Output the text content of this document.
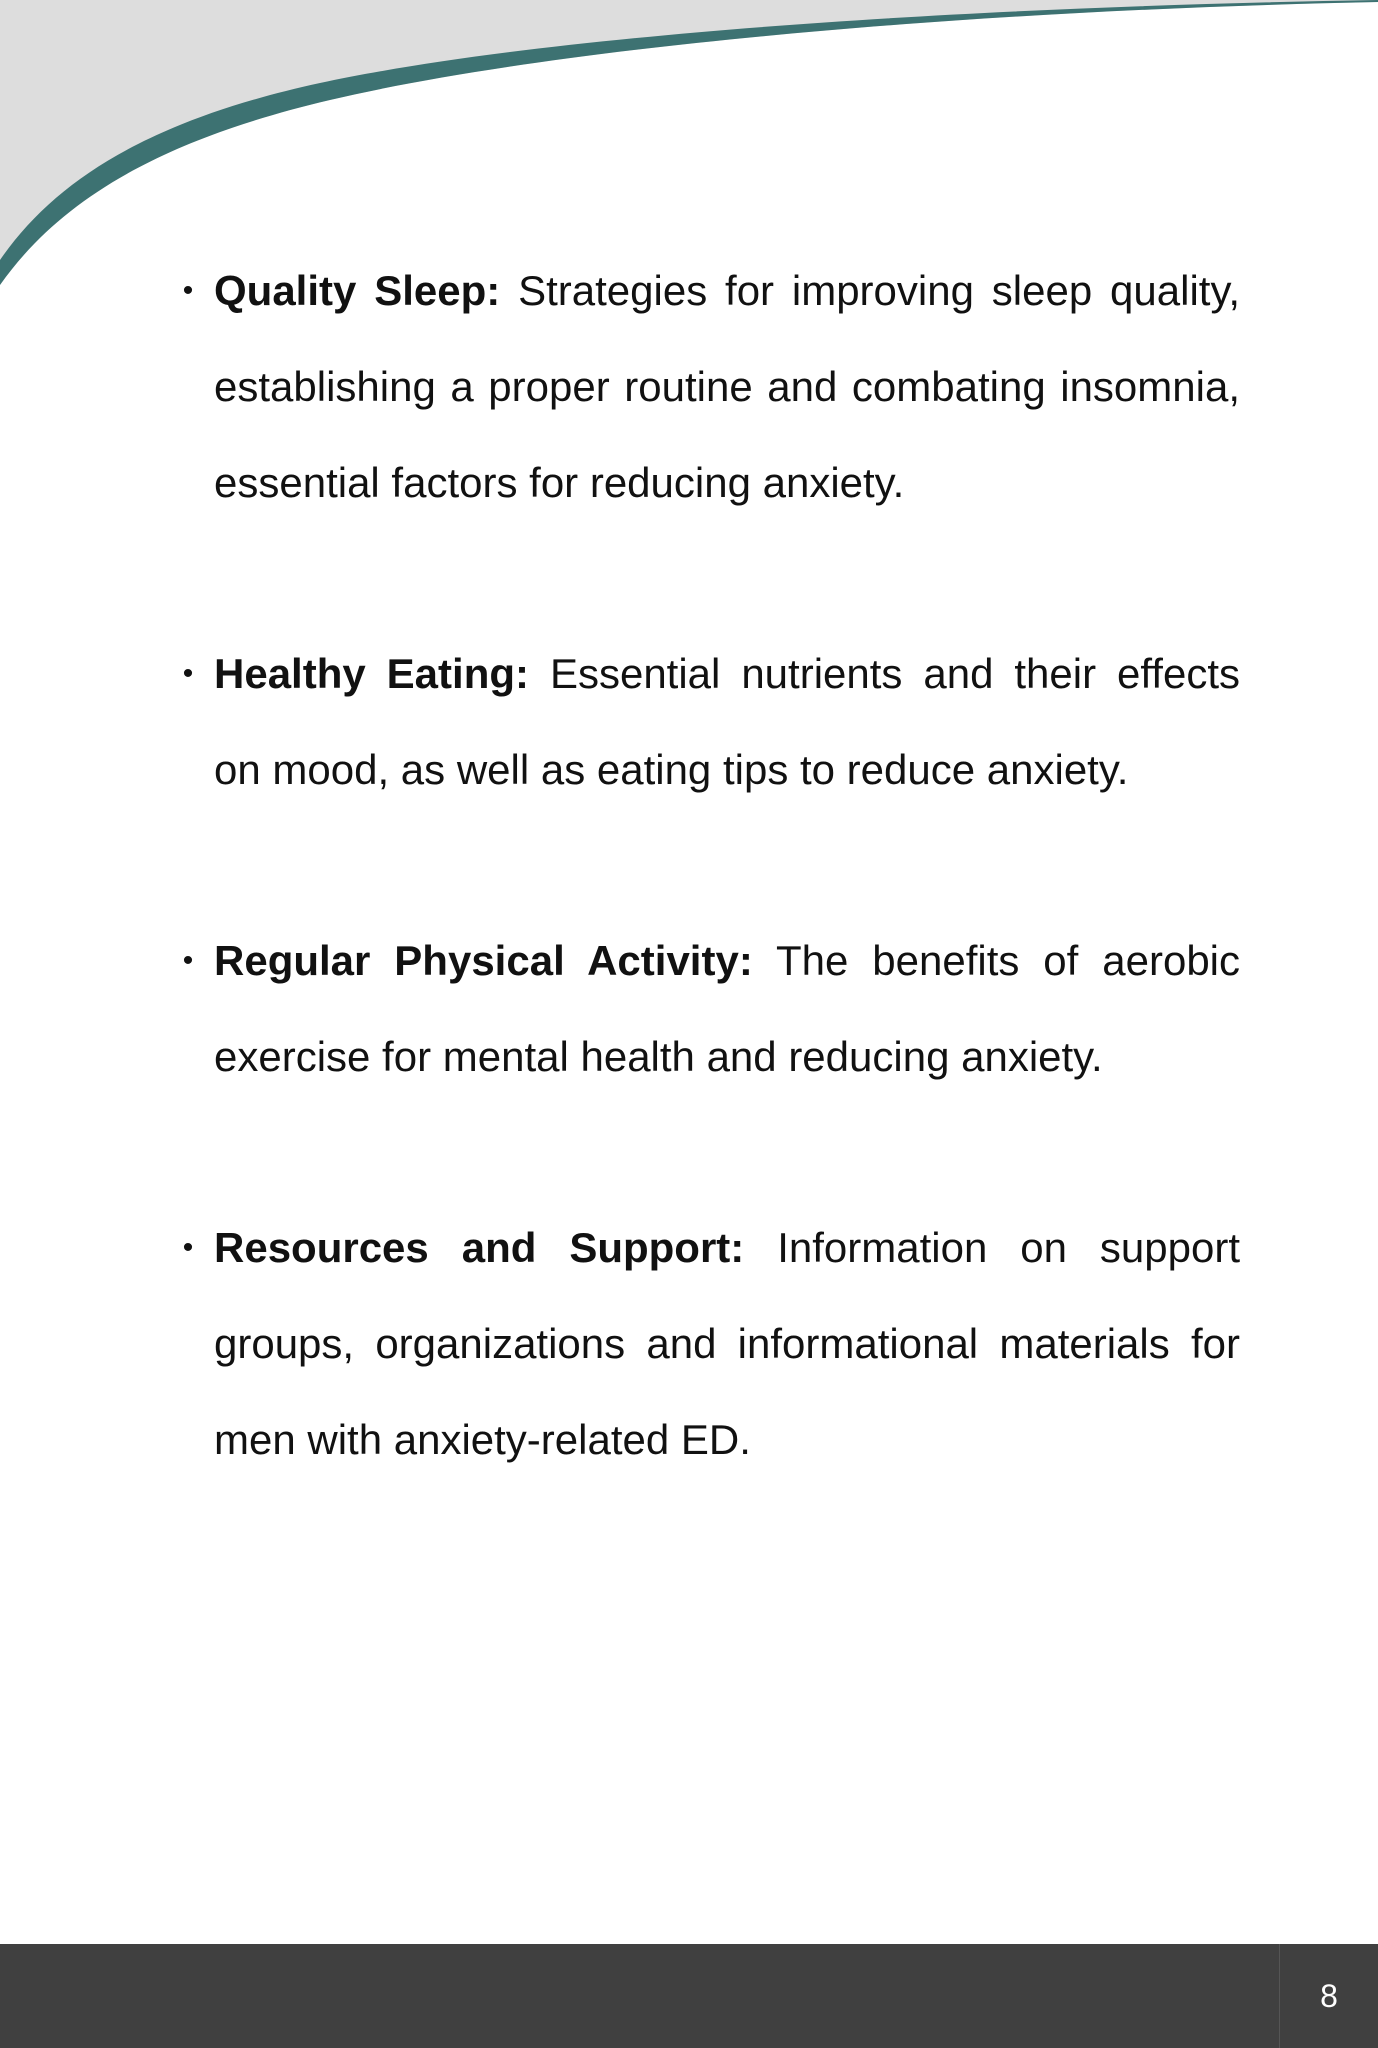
• Quality Sleep: Strategies for improving sleep quality, establishing a proper routine and combating insomnia, essential factors for reducing anxiety.
• Healthy Eating: Essential nutrients and their effects on mood, as well as eating tips to reduce anxiety.
• Regular Physical Activity: The benefits of aerobic exercise for mental health and reducing anxiety.
• Resources and Support: Information on support groups, organizations and informational materials for men with anxiety-related ED.
8
